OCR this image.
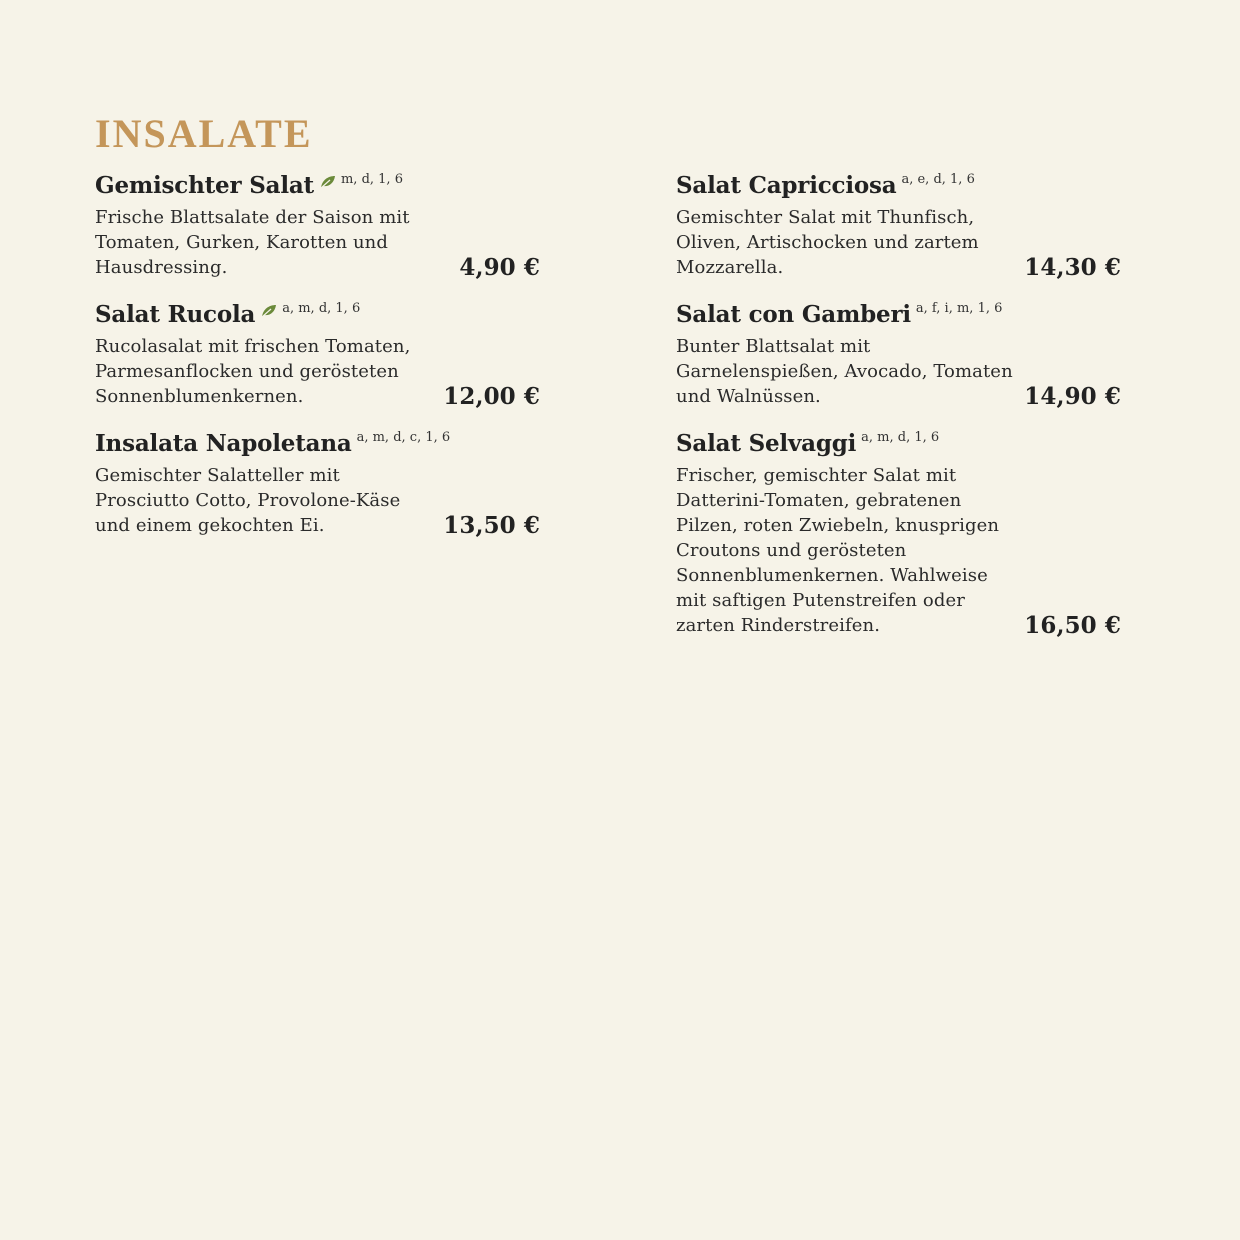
INSALATE
Gemischter Salat $^{m, d, 1, 6}$
Frische Blattsalate der Saison mit Tomaten, Gurken, Karotten und Hausdressing.	4,90 €
Salat Rucola $^{a, m, d, 1, 6}$
Rucolasalat mit frischen Tomaten, Parmesanflocken und gerösteten Sonnenblumenkernen.	12,00 €
Insalata Napoletana $^{a, m, d, c, 1, 6}$
Gemischter Salatteller mit Prosciutto Cotto, Provolone-Käse und einem gekochten Ei.	13,50 €
Salat Capricciosa $^{a, e, d, 1, 6}$
Gemischter Salat mit Thunfisch, Oliven, Artischocken und zartem Mozzarella.	14,30 €
Salat con Gamberi $^{a, f, i, m, 1, 6}$
Bunter Blattsalat mit Garnelenspießen, Avocado, Tomaten und Walnüssen.	14,90 €
Salat Selvaggi $^{a, m, d, 1, 6}$
Frischer, gemischter Salat mit Datterini-Tomaten, gebratenen Pilzen, roten Zwiebeln, knusprigen Croutons und gerösteten Sonnenblumenkernen. Wahlweise mit saftigen Putenstreifen oder zarten Rinderstreifen.	16,50 €
